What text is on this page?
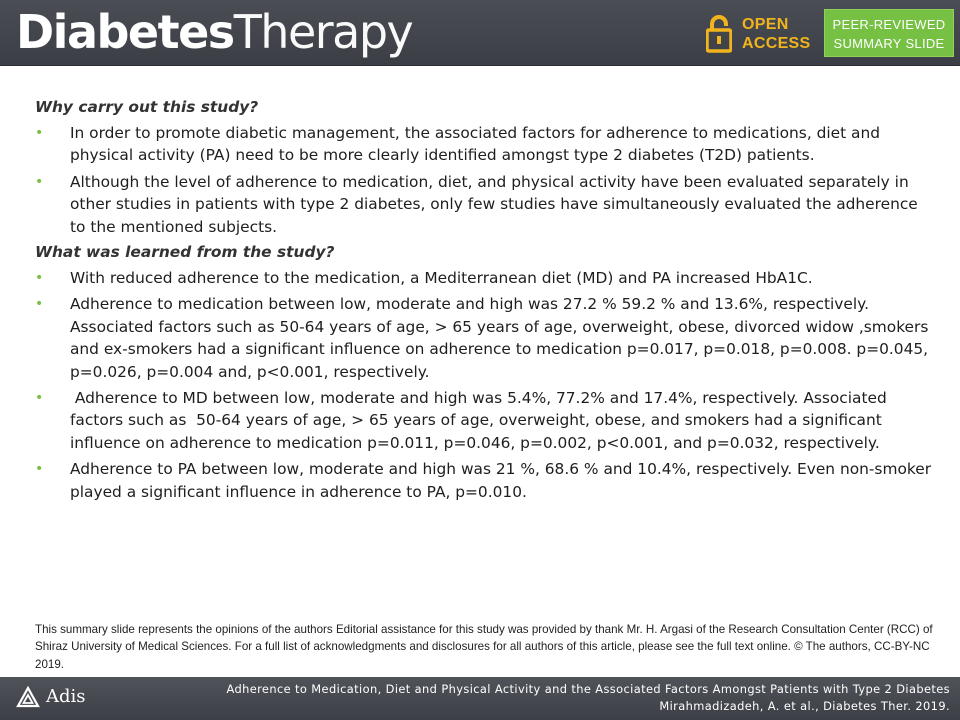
DiabetesTherapy	OPEN
ACCESS
PEER-REVIEWED
SUMMARY SLIDE
Why carry out this study?
• In order to promote diabetic management, the associated factors for adherence to medications, diet and physical activity (PA) need to be more clearly identified amongst type 2 diabetes (T2D) patients.
• Although the level of adherence to medication, diet, and physical activity have been evaluated separately in other studies in patients with type 2 diabetes, only few studies have simultaneously evaluated the adherence to the mentioned subjects.
What was learned from the study?
• With reduced adherence to the medication, a Mediterranean diet (MD) and PA increased HbA1C.
• Adherence to medication between low, moderate and high was 27.2 % 59.2 % and 13.6%, respectively. Associated factors such as 50-64 years of age, > 65 years of age, overweight, obese, divorced widow ,smokers and ex-smokers had a significant influence on adherence to medication p=0.017, p=0.018, p=0.008. p=0.045, p=0.026, p=0.004 and, p<0.001, respectively.
• Adherence to MD between low, moderate and high was 5.4%, 77.2% and 17.4%, respectively. Associated factors such as  50-64 years of age, > 65 years of age, overweight, obese, and smokers had a significant influence on adherence to medication p=0.011, p=0.046, p=0.002, p<0.001, and p=0.032, respectively.
• Adherence to PA between low, moderate and high was 21 %, 68.6 % and 10.4%, respectively. Even non-smoker played a significant influence in adherence to PA, p=0.010.
This summary slide represents the opinions of the authors Editorial assistance for this study was provided by thank Mr. H. Argasi of the Research Consultation Center (RCC) of Shiraz University of Medical Sciences. For a full list of acknowledgments and disclosures for all authors of this article, please see the full text online. © The authors, CC-BY-NC 2019.
Adis	Adherence to Medication, Diet and Physical Activity and the Associated Factors Amongst Patients with Type 2 Diabetes
Mirahmadizadeh, A. et al., Diabetes Ther. 2019.
